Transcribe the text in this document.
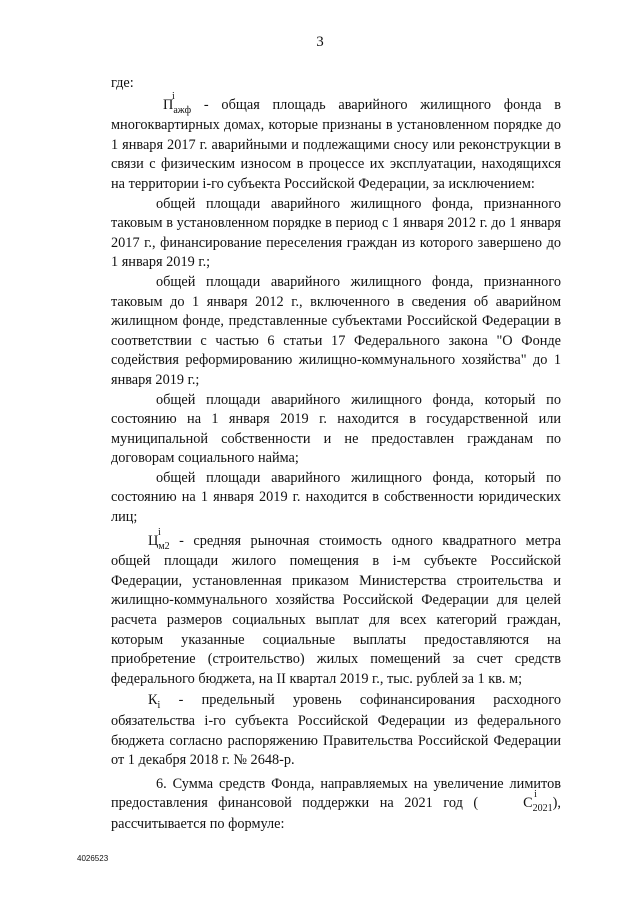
3

где:

П
i
$_{ажф}$ - общая площадь аварийного жилищного фонда в многоквартирных домах, которые признаны в установленном порядке до 1 января 2017 г. аварийными и подлежащими сносу или реконструкции в связи с физическим износом в процессе их эксплуатации, находящихся на территории i-го субъекта Российской Федерации, за исключением:

общей площади аварийного жилищного фонда, признанного таковым в установленном порядке в период с 1 января 2012 г. до 1 января 2017 г., финансирование переселения граждан из которого завершено до 1 января 2019 г.;

общей площади аварийного жилищного фонда, признанного таковым до 1 января 2012 г., включенного в сведения об аварийном жилищном фонде, представленные субъектами Российской Федерации в соответствии с частью 6 статьи 17 Федерального закона "О Фонде содействия реформированию жилищно-коммунального хозяйства" до 1 января 2019 г.;

общей площади аварийного жилищного фонда, который по состоянию на 1 января 2019 г. находится в государственной или муниципальной собственности и не предоставлен гражданам по договорам социального найма;

общей площади аварийного жилищного фонда, который по состоянию на 1 января 2019 г. находится в собственности юридических лиц;

Ц
i
$_{м2}$ - средняя рыночная стоимость одного квадратного метра общей площади жилого помещения в i-м субъекте Российской Федерации, установленная приказом Министерства строительства и жилищно-коммунального хозяйства Российской Федерации для целей расчета размеров социальных выплат для всех категорий граждан, которым указанные социальные выплаты предоставляются на приобретение (строительство) жилых помещений за счет средств федерального бюджета, на II квартал 2019 г., тыс. рублей за 1 кв. м;

$К_i$ - предельный уровень софинансирования расходного обязательства i-го субъекта Российской Федерации из федерального бюджета согласно распоряжению Правительства Российской Федерации от 1 декабря 2018 г. № 2648-р.

6. Сумма средств Фонда, направляемых на увеличение лимитов предоставления финансовой поддержки на 2021 год (	С
i
$_{2021}$), рассчитывается по формуле:

4026523
